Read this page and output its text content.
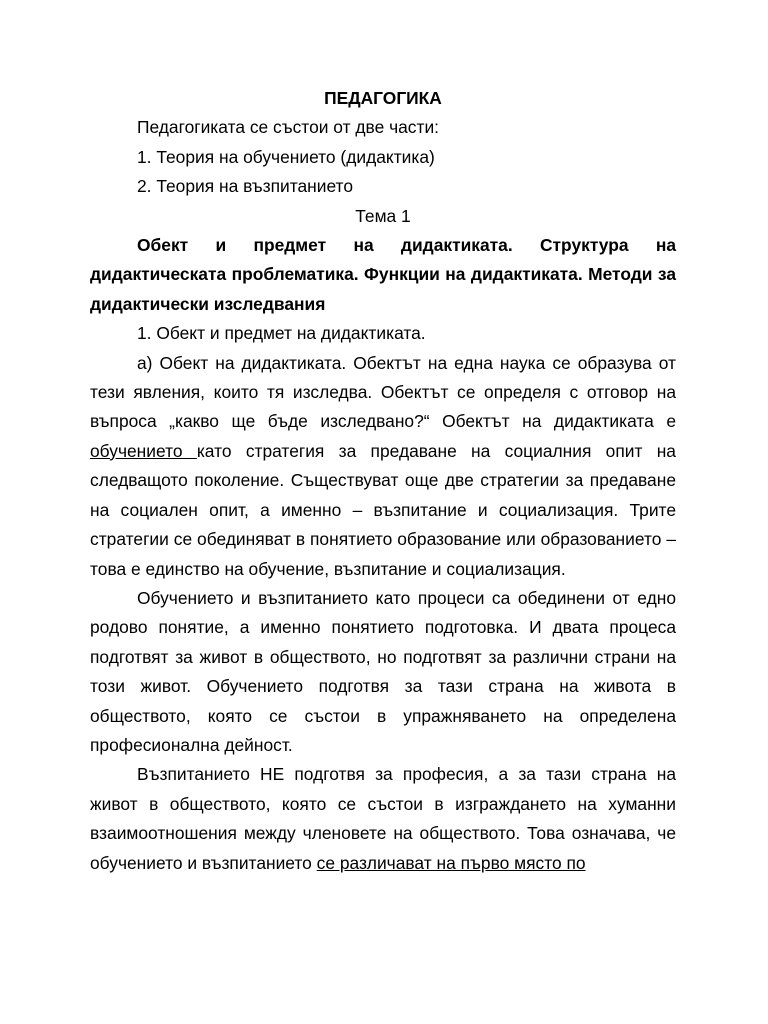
ПЕДАГОГИКА

Педагогиката се състои от две части:

1. Теория на обучението (дидактика)

2. Теория на възпитанието

Тема 1

Обект и предмет на дидактиката. Структура на дидактическата проблематика. Функции на дидактиката. Методи за дидактически изследвания

1. Обект и предмет на дидактиката.

а) Обект на дидактиката. Обектът на една наука се образува от тези явления, които тя изследва. Обектът се определя с отговор на въпроса „какво ще бъде изследвано?“ Обектът на дидактиката е обучението като стратегия за предаване на социалния опит на следващото поколение. Съществуват още две стратегии за предаване на социален опит, а именно – възпитание и социализация. Трите стратегии се обединяват в понятието образование или образованието – това е единство на обучение, възпитание и социализация.

Обучението и възпитанието като процеси са обединени от едно родово понятие, а именно понятието подготовка. И двата процеса подготвят за живот в обществото, но подготвят за различни страни на този живот. Обучението подготвя за тази страна на живота в обществото, която се състои в упражняването на определена професионална дейност.

Възпитанието НЕ подготвя за професия, а за тази страна на живот в обществото, която се състои в изграждането на хуманни взаимоотношения между членовете на обществото. Това означава, че обучението и възпитанието се различават на първо място по
